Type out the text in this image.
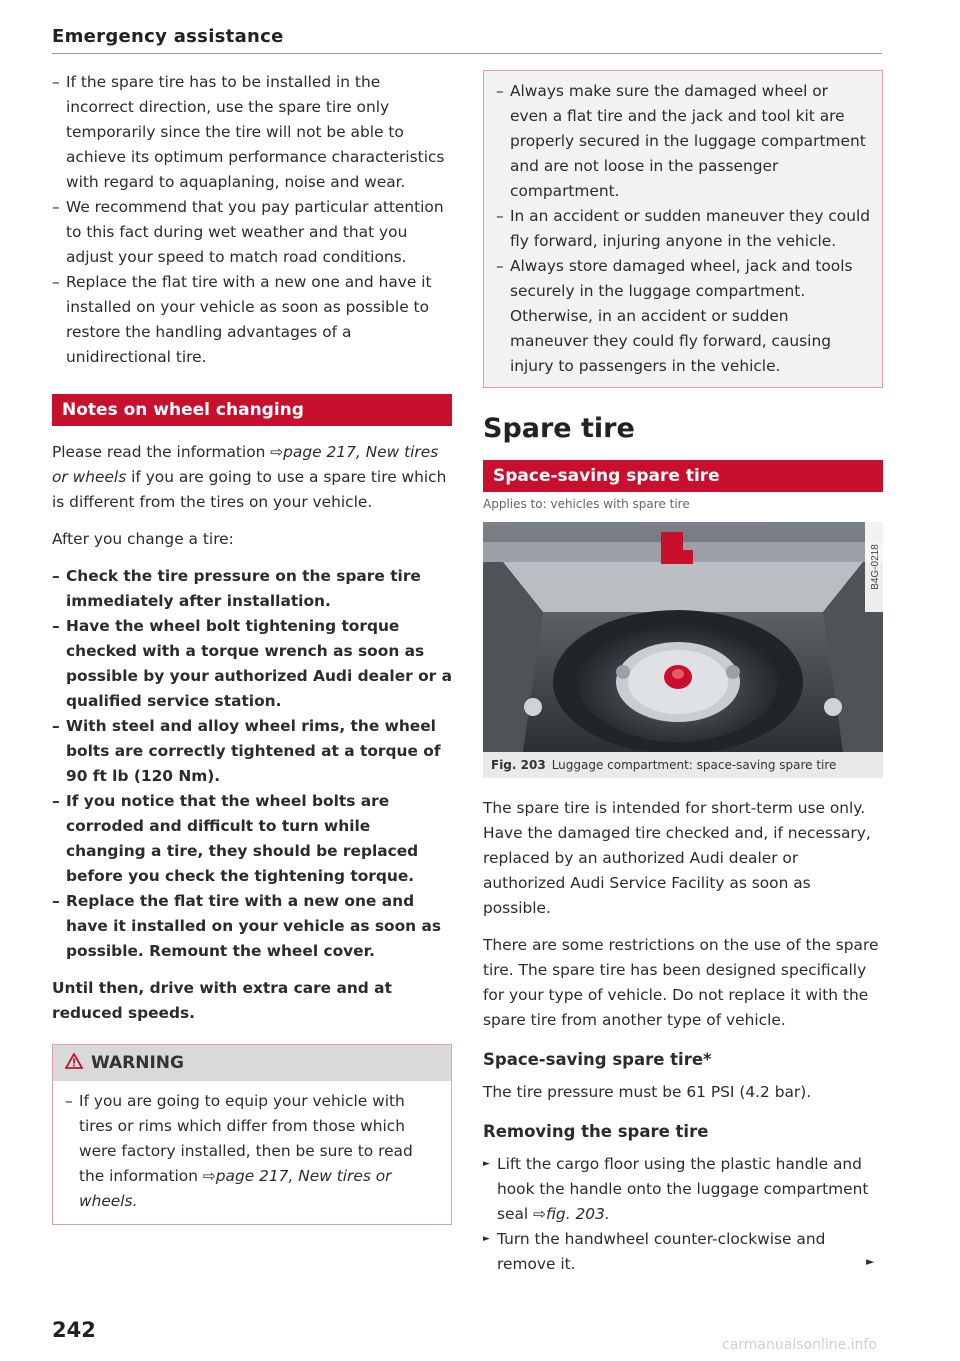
Emergency assistance

– If the spare tire has to be installed in the incorrect direction, use the spare tire only temporarily since the tire will not be able to achieve its optimum performance characteristics with regard to aquaplaning, noise and wear.

– We recommend that you pay particular attention to this fact during wet weather and that you adjust your speed to match road conditions.

– Replace the flat tire with a new one and have it installed on your vehicle as soon as possible to restore the handling advantages of a unidirectional tire.

Notes on wheel changing

Please read the information ⇨page 217, New tires or wheels if you are going to use a spare tire which is different from the tires on your vehicle.

After you change a tire:

– Check the tire pressure on the spare tire immediately after installation.

– Have the wheel bolt tightening torque checked with a torque wrench as soon as possible by your authorized Audi dealer or a qualified service station.

– With steel and alloy wheel rims, the wheel bolts are correctly tightened at a torque of 90 ft lb (120 Nm).

– If you notice that the wheel bolts are corroded and difficult to turn while changing a tire, they should be replaced before you check the tightening torque.

– Replace the flat tire with a new one and have it installed on your vehicle as soon as possible. Remount the wheel cover.

Until then, drive with extra care and at reduced speeds.

WARNING

– If you are going to equip your vehicle with tires or rims which differ from those which were factory installed, then be sure to read the information ⇨page 217, New tires or wheels.

– Always make sure the damaged wheel or even a flat tire and the jack and tool kit are properly secured in the luggage compartment and are not loose in the passenger compartment.

– In an accident or sudden maneuver they could fly forward, injuring anyone in the vehicle.

– Always store damaged wheel, jack and tools securely in the luggage compartment. Otherwise, in an accident or sudden maneuver they could fly forward, causing injury to passengers in the vehicle.

Spare tire
Space-saving spare tire
Applies to: vehicles with spare tire
B4G-0218
Fig. 203 Luggage compartment: space-saving spare tire

The spare tire is intended for short-term use only. Have the damaged tire checked and, if necessary, replaced by an authorized Audi dealer or authorized Audi Service Facility as soon as possible.

There are some restrictions on the use of the spare tire. The spare tire has been designed specifically for your type of vehicle. Do not replace it with the spare tire from another type of vehicle.

Space-saving spare tire*

The tire pressure must be 61 PSI (4.2 bar).

Removing the spare tire

► Lift the cargo floor using the plastic handle and hook the handle onto the luggage compartment seal ⇨fig. 203.

► Turn the handwheel counter-clockwise and remove it.	►
242
carmanualsonline.info
